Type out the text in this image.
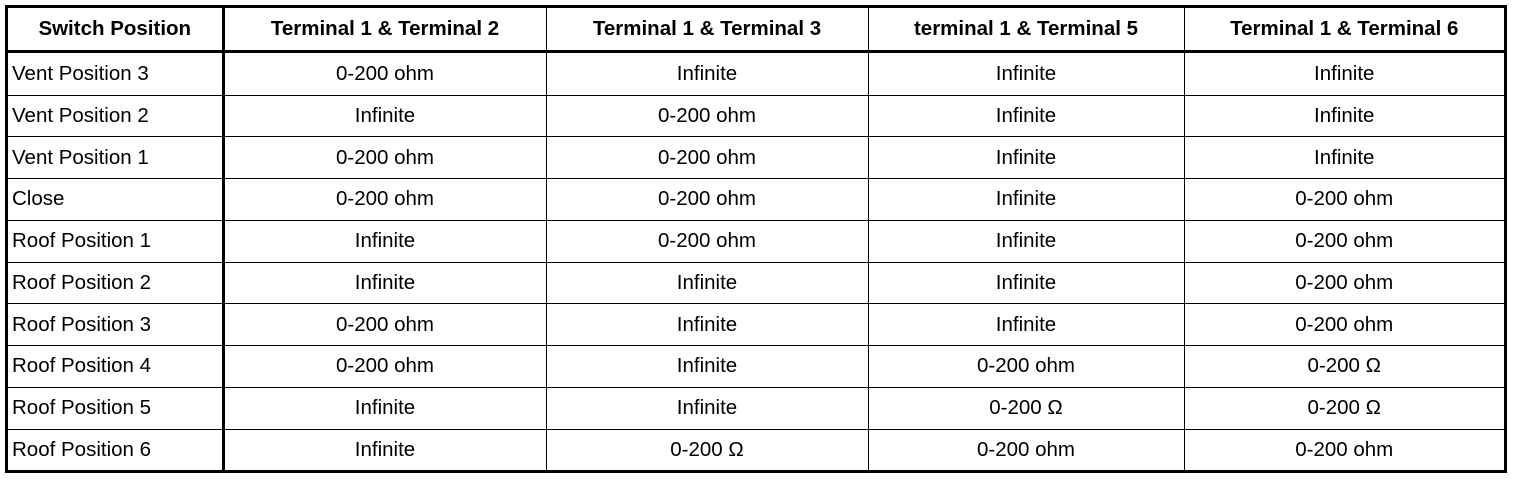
Switch Position	Terminal 1 & Terminal 2	Terminal 1 & Terminal 3	terminal 1 & Terminal 5	Terminal 1 & Terminal 6
Vent Position 3	0-200 ohm	Infinite	Infinite	Infinite
Vent Position 2	Infinite	0-200 ohm	Infinite	Infinite
Vent Position 1	0-200 ohm	0-200 ohm	Infinite	Infinite
Close	0-200 ohm	0-200 ohm	Infinite	0-200 ohm
Roof Position 1	Infinite	0-200 ohm	Infinite	0-200 ohm
Roof Position 2	Infinite	Infinite	Infinite	0-200 ohm
Roof Position 3	0-200 ohm	Infinite	Infinite	0-200 ohm
Roof Position 4	0-200 ohm	Infinite	0-200 ohm	0-200 Ω
Roof Position 5	Infinite	Infinite	0-200 Ω	0-200 Ω
Roof Position 6	Infinite	0-200 Ω	0-200 ohm	0-200 ohm
